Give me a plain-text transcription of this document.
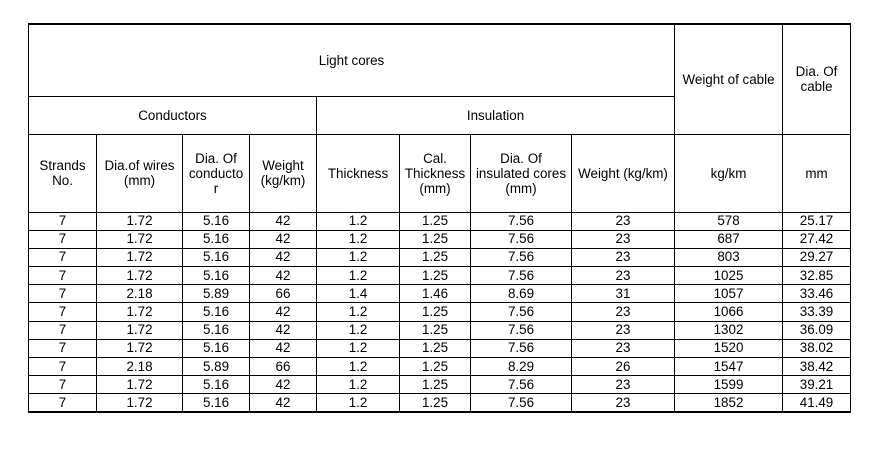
Light cores								Weight of cable	Dia. Of cable
Conductors				Insulation					
Strands No.	Dia.of wires (mm)	Dia. Of conducto r	Weight (kg/km)	Thickness	Cal. Thickness (mm)	Dia. Of insulated cores (mm)	Weight (kg/km)	kg/km	mm
7	1.72	5.16	42	1.2	1.25	7.56	23	578	25.17
7	1.72	5.16	42	1.2	1.25	7.56	23	687	27.42
7	1.72	5.16	42	1.2	1.25	7.56	23	803	29.27
7	1.72	5.16	42	1.2	1.25	7.56	23	1025	32.85
7	2.18	5.89	66	1.4	1.46	8.69	31	1057	33.46
7	1.72	5.16	42	1.2	1.25	7.56	23	1066	33.39
7	1.72	5.16	42	1.2	1.25	7.56	23	1302	36.09
7	1.72	5.16	42	1.2	1.25	7.56	23	1520	38.02
7	2.18	5.89	66	1.2	1.25	8.29	26	1547	38.42
7	1.72	5.16	42	1.2	1.25	7.56	23	1599	39.21
7	1.72	5.16	42	1.2	1.25	7.56	23	1852	41.49
